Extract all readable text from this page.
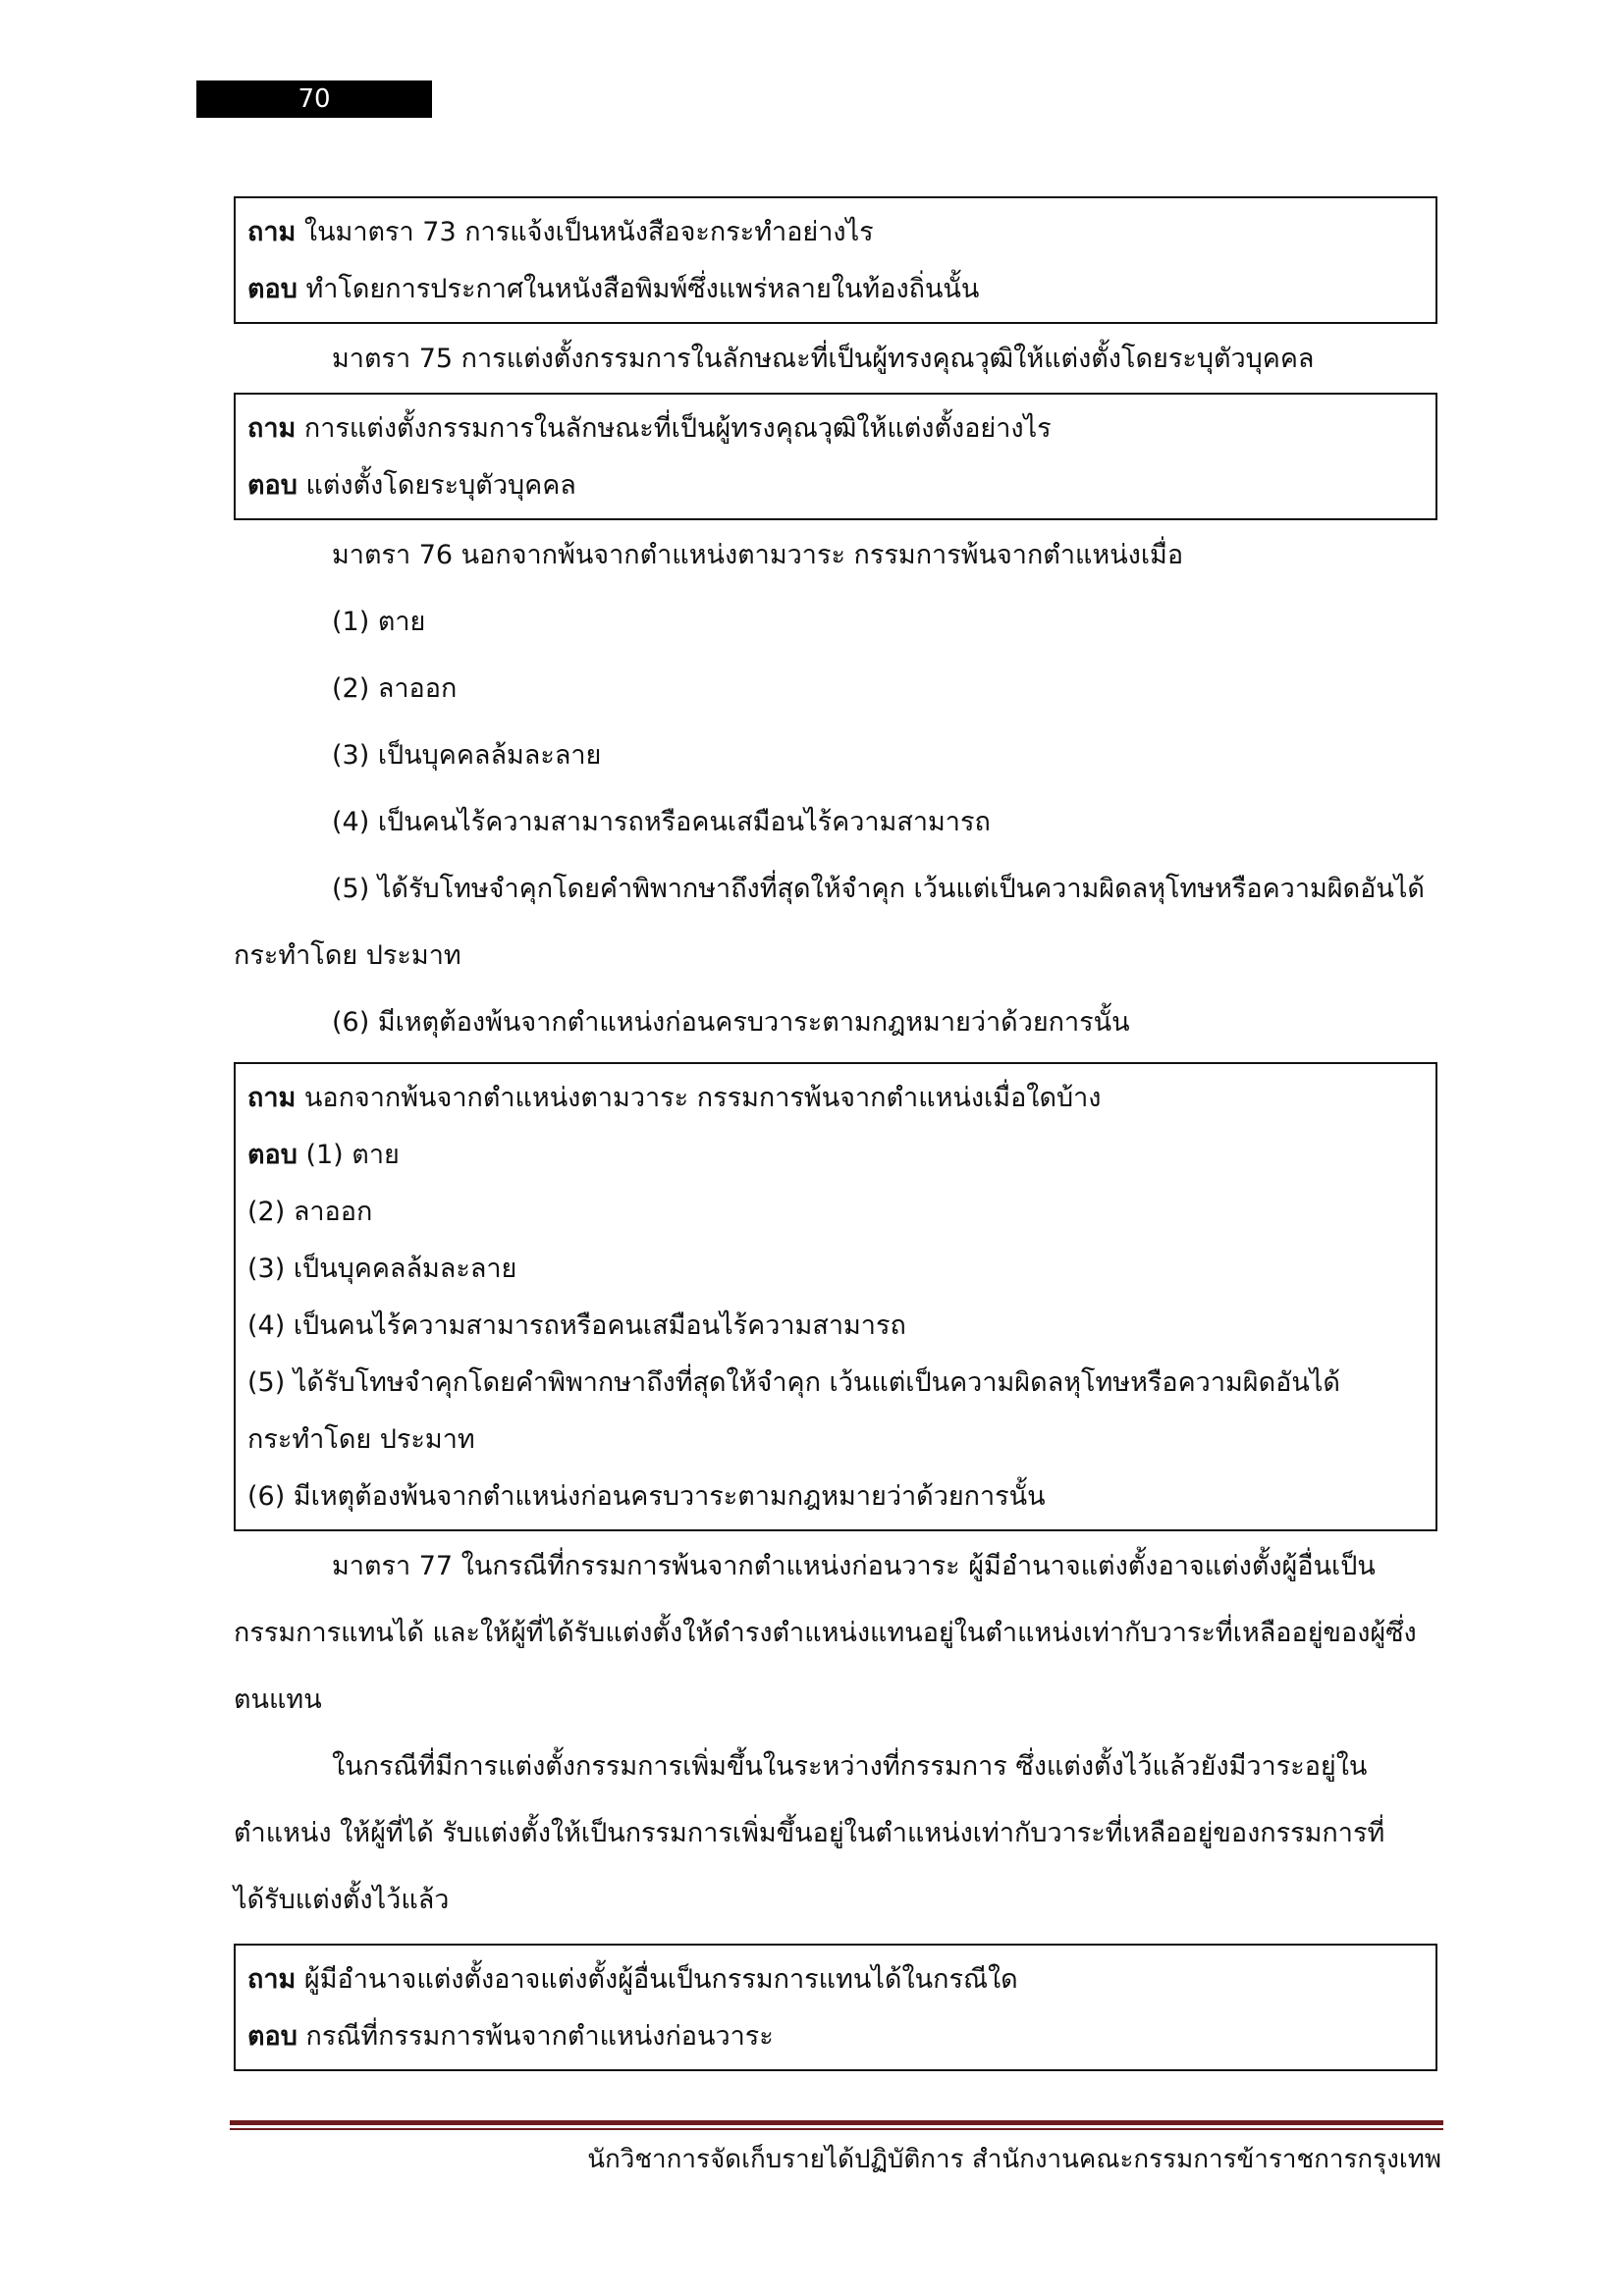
70
ถาม ในมาตรา 73 การแจ้งเป็นหนังสือจะกระทำอย่างไร
ตอบ ทำโดยการประกาศในหนังสือพิมพ์ซึ่งแพร่หลายในท้องถิ่นนั้น

มาตรา 75 การแต่งตั้งกรรมการในลักษณะที่เป็นผู้ทรงคุณวุฒิให้แต่งตั้งโดยระบุตัวบุคคล

ถาม การแต่งตั้งกรรมการในลักษณะที่เป็นผู้ทรงคุณวุฒิให้แต่งตั้งอย่างไร
ตอบ แต่งตั้งโดยระบุตัวบุคคล

มาตรา 76 นอกจากพ้นจากตำแหน่งตามวาระ กรรมการพ้นจากตำแหน่งเมื่อ

(1) ตาย
(2) ลาออก
(3) เป็นบุคคลล้มละลาย
(4) เป็นคนไร้ความสามารถหรือคนเสมือนไร้ความสามารถ
(5) ได้รับโทษจำคุกโดยคำพิพากษาถึงที่สุดให้จำคุก เว้นแต่เป็นความผิดลหุโทษหรือความผิดอันได้
กระทำโดย ประมาท
(6) มีเหตุต้องพ้นจากตำแหน่งก่อนครบวาระตามกฎหมายว่าด้วยการนั้น
ถาม นอกจากพ้นจากตำแหน่งตามวาระ กรรมการพ้นจากตำแหน่งเมื่อใดบ้าง
ตอบ (1) ตาย
(2) ลาออก
(3) เป็นบุคคลล้มละลาย
(4) เป็นคนไร้ความสามารถหรือคนเสมือนไร้ความสามารถ
(5) ได้รับโทษจำคุกโดยคำพิพากษาถึงที่สุดให้จำคุก เว้นแต่เป็นความผิดลหุโทษหรือความผิดอันได้
กระทำโดย ประมาท
(6) มีเหตุต้องพ้นจากตำแหน่งก่อนครบวาระตามกฎหมายว่าด้วยการนั้น

มาตรา 77 ในกรณีที่กรรมการพ้นจากตำแหน่งก่อนวาระ ผู้มีอำนาจแต่งตั้งอาจแต่งตั้งผู้อื่นเป็น

กรรมการแทนได้ และให้ผู้ที่ได้รับแต่งตั้งให้ดำรงตำแหน่งแทนอยู่ในตำแหน่งเท่ากับวาระที่เหลืออยู่ของผู้ซึ่ง

ตนแทน

ในกรณีที่มีการแต่งตั้งกรรมการเพิ่มขึ้นในระหว่างที่กรรมการ ซึ่งแต่งตั้งไว้แล้วยังมีวาระอยู่ใน

ตำแหน่ง ให้ผู้ที่ได้ รับแต่งตั้งให้เป็นกรรมการเพิ่มขึ้นอยู่ในตำแหน่งเท่ากับวาระที่เหลืออยู่ของกรรมการที่

ได้รับแต่งตั้งไว้แล้ว

ถาม ผู้มีอำนาจแต่งตั้งอาจแต่งตั้งผู้อื่นเป็นกรรมการแทนได้ในกรณีใด
ตอบ กรณีที่กรรมการพ้นจากตำแหน่งก่อนวาระ
นักวิชาการจัดเก็บรายได้ปฏิบัติการ สำนักงานคณะกรรมการข้าราชการกรุงเทพ
